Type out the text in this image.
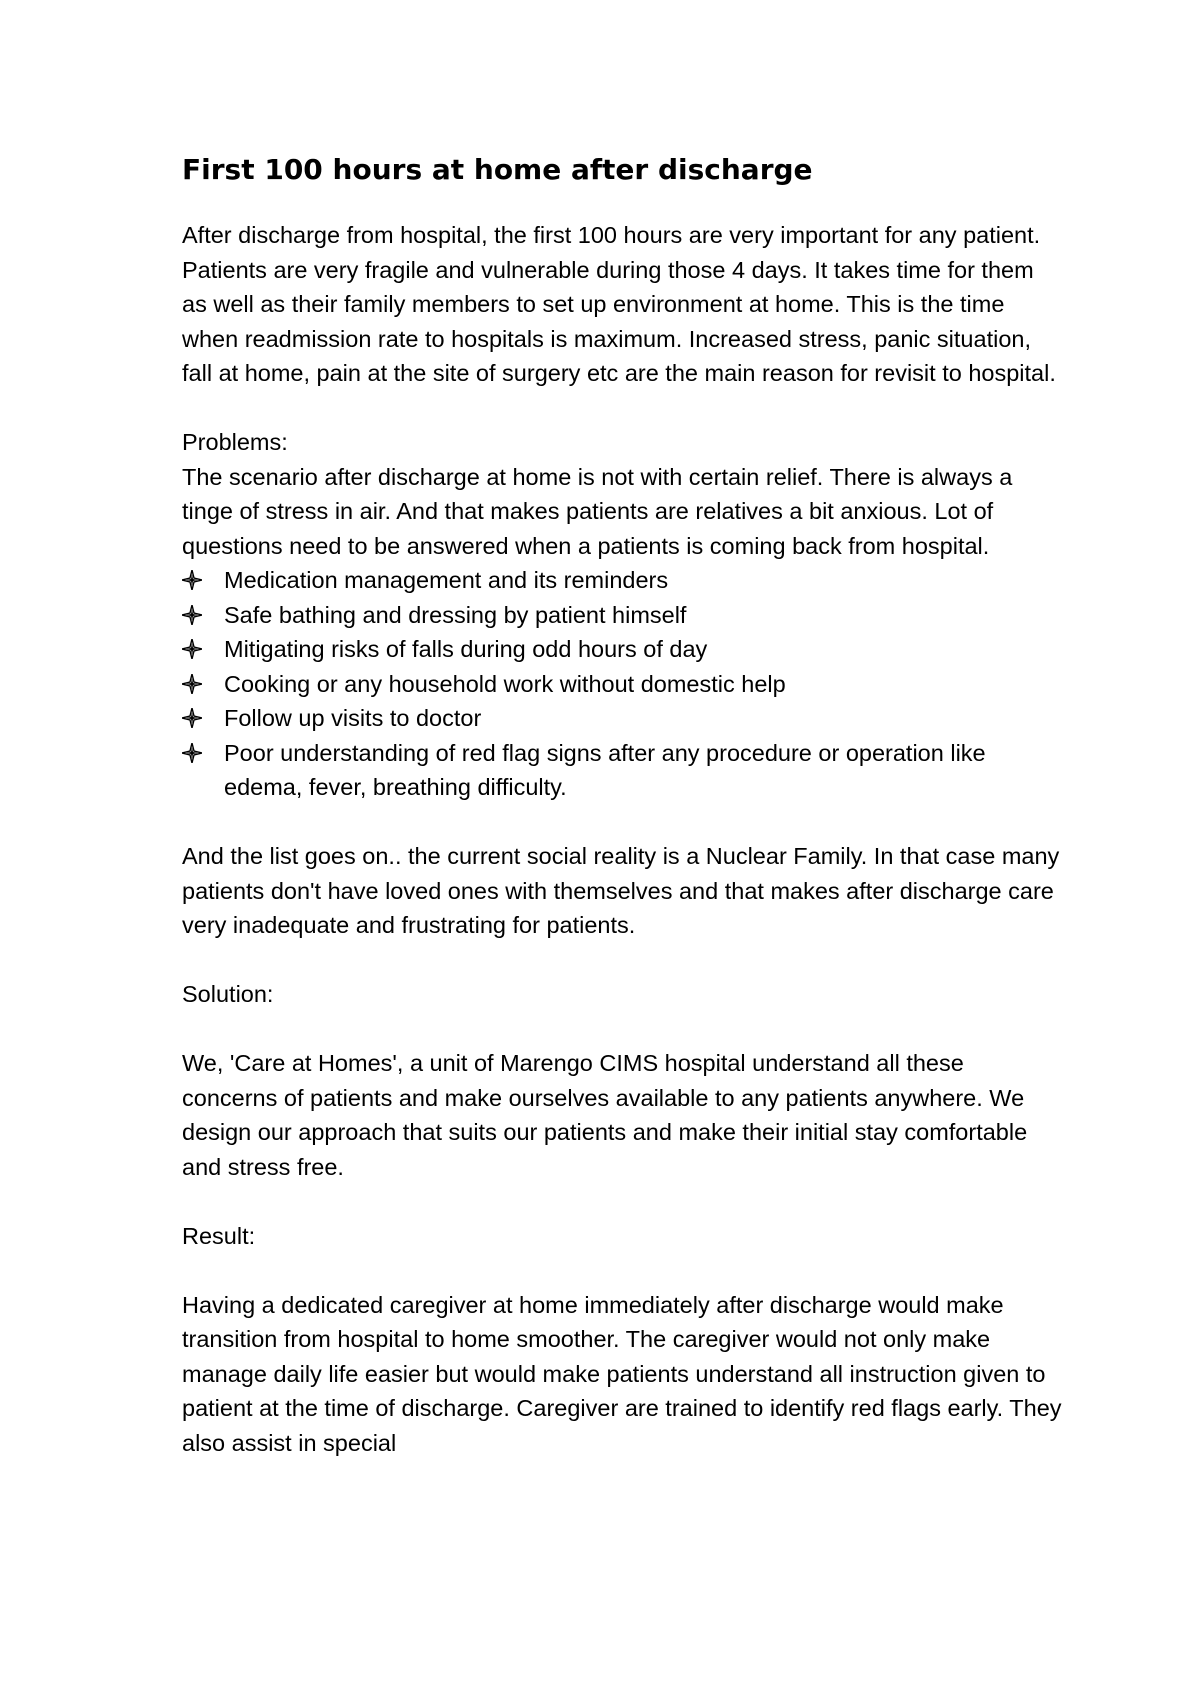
First 100 hours at home after discharge

After discharge from hospital, the first 100 hours are very important for any patient. Patients are very fragile and vulnerable during those 4 days. It takes time for them as well as their family members to set up environment at home. This is the time when readmission rate to hospitals is maximum. Increased stress, panic situation, fall at home, pain at the site of surgery etc are the main reason for revisit to hospital.

Problems:

The scenario after discharge at home is not with certain relief. There is always a tinge of stress in air. And that makes patients are relatives a bit anxious. Lot of questions need to be answered when a patients is coming back from hospital.

Medication management and its reminders
Safe bathing and dressing by patient himself
Mitigating risks of falls during odd hours of day
Cooking or any household work without domestic help
Follow up visits to doctor
Poor understanding of red flag signs after any procedure or operation like edema, fever, breathing difficulty.

And the list goes on.. the current social reality is a Nuclear Family. In that case many patients don't have loved ones with themselves and that makes after discharge care very inadequate and frustrating for patients.

Solution:

We, 'Care at Homes', a unit of Marengo CIMS hospital understand all these concerns of patients and make ourselves available to any patients anywhere. We design our approach that suits our patients and make their initial stay comfortable and stress free.

Result:

Having a dedicated caregiver at home immediately after discharge would make transition from hospital to home smoother. The caregiver would not only make manage daily life easier but would make patients understand all instruction given to patient at the time of discharge. Caregiver are trained to identify red flags early. They also assist in special
